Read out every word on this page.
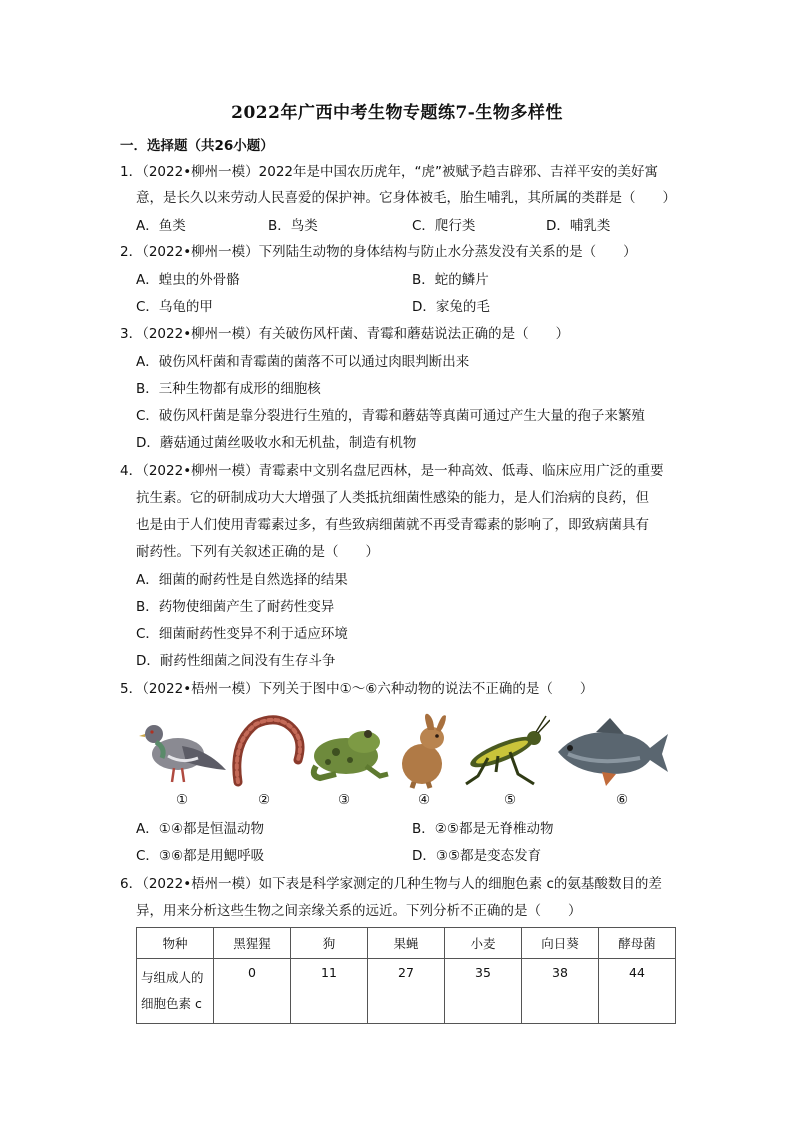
2022年广西中考生物专题练7-生物多样性
一．选择题（共26小题）
1．（2022•柳州一模）2022年是中国农历虎年，“虎”被赋予趋吉辟邪、吉祥平安的美好寓
意，是长久以来劳动人民喜爱的保护神。它身体被毛，胎生哺乳，其所属的类群是（　　）
A．鱼类	B．鸟类	C．爬行类	D．哺乳类
2．（2022•柳州一模）下列陆生动物的身体结构与防止水分蒸发没有关系的是（　　）
A．蝗虫的外骨骼	B．蛇的鳞片
C．乌龟的甲	D．家兔的毛
3．（2022•柳州一模）有关破伤风杆菌、青霉和蘑菇说法正确的是（　　）
A．破伤风杆菌和青霉菌的菌落不可以通过肉眼判断出来
B．三种生物都有成形的细胞核
C．破伤风杆菌是靠分裂进行生殖的，青霉和蘑菇等真菌可通过产生大量的孢子来繁殖
D．蘑菇通过菌丝吸收水和无机盐，制造有机物
4．（2022•柳州一模）青霉素中文别名盘尼西林，是一种高效、低毒、临床应用广泛的重要
抗生素。它的研制成功大大增强了人类抵抗细菌性感染的能力，是人们治病的良药，但
也是由于人们使用青霉素过多，有些致病细菌就不再受青霉素的影响了，即致病菌具有
耐药性。下列有关叙述正确的是（　　）
A．细菌的耐药性是自然选择的结果
B．药物使细菌产生了耐药性变异
C．细菌耐药性变异不利于适应环境
D．耐药性细菌之间没有生存斗争
5．（2022•梧州一模）下列关于图中①～⑥六种动物的说法不正确的是（　　）
①	②	③	④	⑤	⑥
A．①④都是恒温动物	B．②⑤都是无脊椎动物
C．③⑥都是用鳃呼吸	D．③⑤都是变态发育
6．（2022•梧州一模）如下表是科学家测定的几种生物与人的细胞色素 c的氨基酸数目的差
异，用来分析这些生物之间亲缘关系的远近。下列分析不正确的是（　　）
物种	黑猩猩	狗	果蝇	小麦	向日葵	酵母菌

与组成人的
细胞色素 c	0	11	27	35	38	44
